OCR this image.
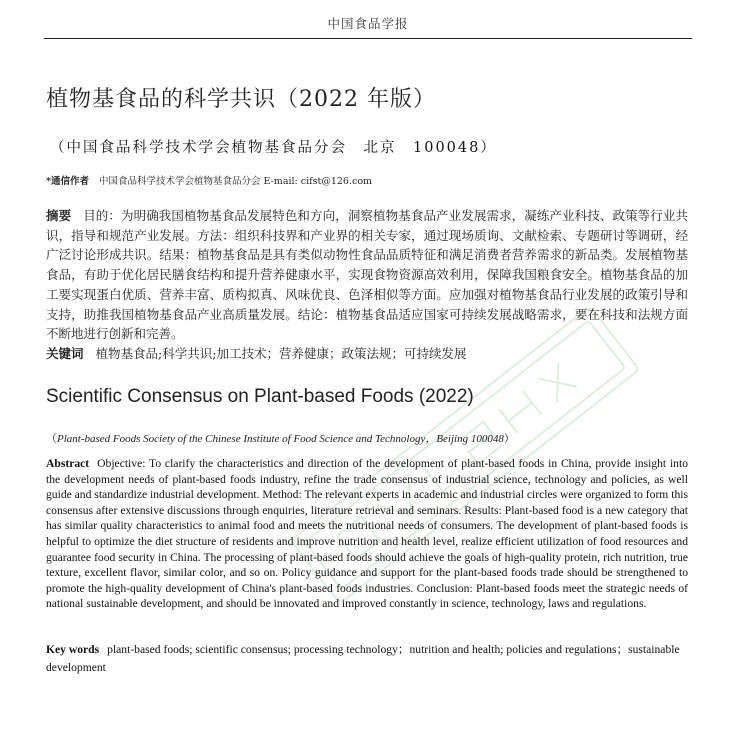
中国食品学报
植物基食品的科学共识（2022 年版）
（中国食品科学技术学会植物基食品分会　北京　100048）
*通信作者 中国食品科学技术学会植物基食品分会 E-mail: cifst@126.com
摘要 目的：为明确我国植物基食品发展特色和方向，洞察植物基食品产业发展需求，凝练产业科技、政策等行业共识，指导和规范产业发展。方法：组织科技界和产业界的相关专家，通过现场质询、文献检索、专题研讨等调研，经广泛讨论形成共识。结果：植物基食品是具有类似动物性食品品质特征和满足消费者营养需求的新品类。发展植物基食品，有助于优化居民膳食结构和提升营养健康水平，实现食物资源高效利用，保障我国粮食安全。植物基食品的加工要实现蛋白优质、营养丰富、质构拟真、风味优良、色泽相似等方面。应加强对植物基食品行业发展的政策引导和支持，助推我国植物基食品产业高质量发展。结论：植物基食品适应国家可持续发展战略需求，要在科技和法规方面不断地进行创新和完善。
关键词 植物基食品;科学共识;加工技术；营养健康；政策法规；可持续发展
Scientific Consensus on Plant-based Foods (2022)
（Plant-based Foods Society of the Chinese Institute of Food Science and Technology，Beijing 100048）
Abstract Objective: To clarify the characteristics and direction of the development of plant-based foods in China, provide insight into the development needs of plant-based foods industry, refine the trade consensus of industrial science, technology and policies, as well guide and standardize industrial development. Method: The relevant experts in academic and industrial circles were organized to form this consensus after extensive discussions through enquiries, literature retrieval and seminars. Results: Plant-based food is a new category that has similar quality characteristics to animal food and meets the nutritional needs of consumers. The development of plant-based foods is helpful to optimize the diet structure of residents and improve nutrition and health level, realize efficient utilization of food resources and guarantee food security in China. The processing of plant-based foods should achieve the goals of high-quality protein, rich nutrition, true texture, excellent flavor, similar color, and so on. Policy guidance and support for the plant-based foods trade should be strengthened to promote the high-quality development of China's plant-based foods industries. Conclusion: Plant-based foods meet the strategic needs of national sustainable development, and should be innovated and improved constantly in science, technology, laws and regulations.
Key words plant-based foods; scientific consensus; processing technology；nutrition and health; policies and regulations；sustainable development
